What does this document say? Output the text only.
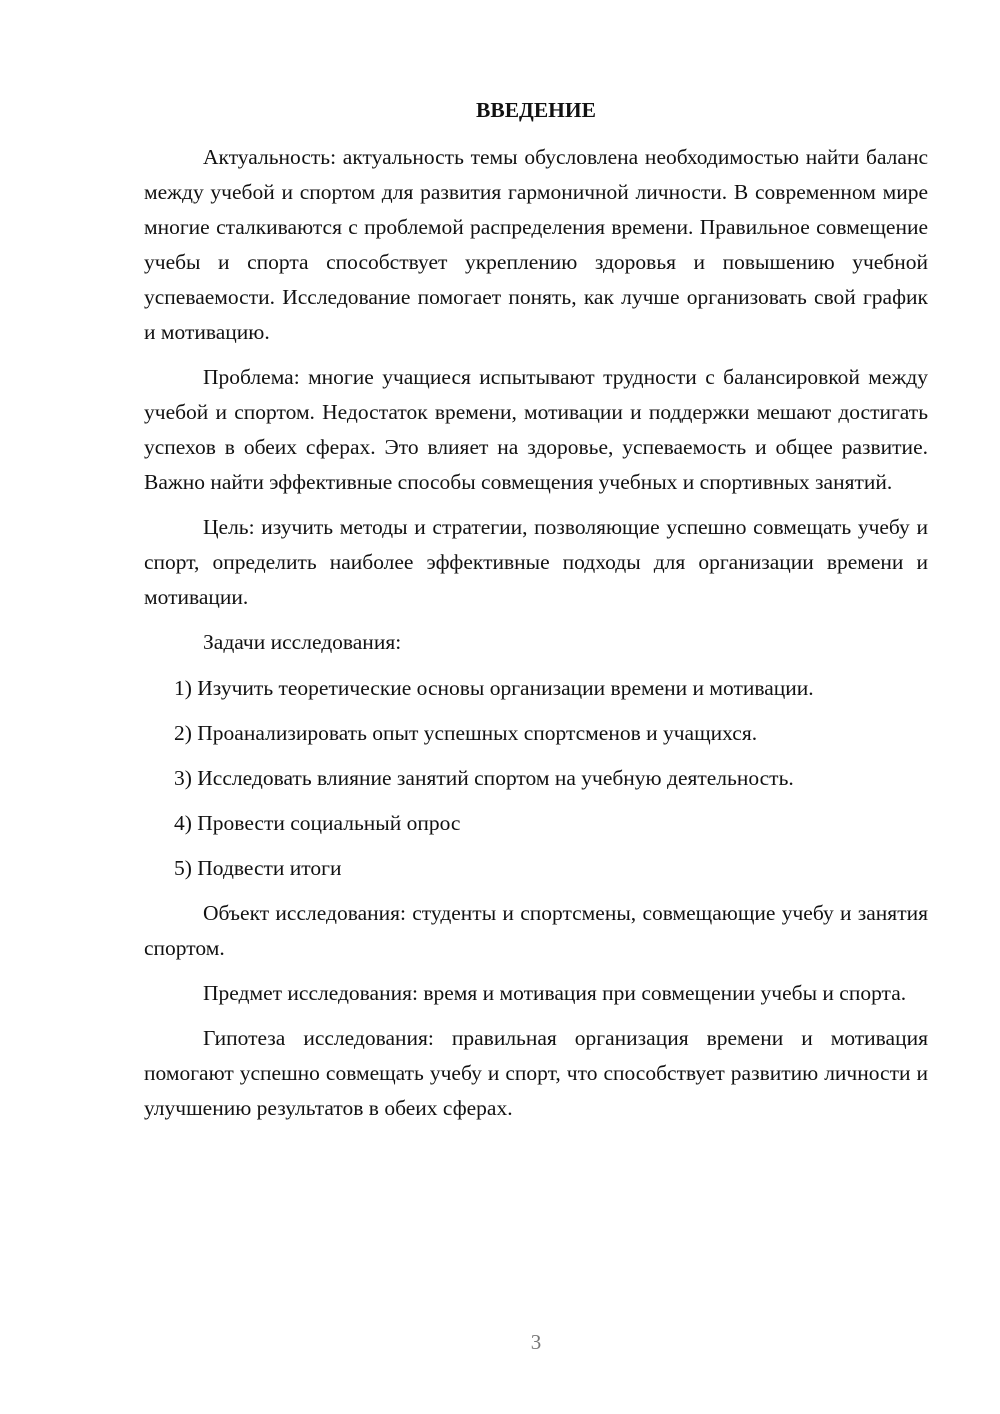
ВВЕДЕНИЕ

Актуальность: актуальность темы обусловлена необходимостью найти баланс между учебой и спортом для развития гармоничной личности. В современном мире многие сталкиваются с проблемой распределения времени. Правильное совмещение учебы и спорта способствует укреплению здоровья и повышению учебной успеваемости. Исследование помогает понять, как лучше организовать свой график и мотивацию.

Проблема: многие учащиеся испытывают трудности с балансировкой между учебой и спортом. Недостаток времени, мотивации и поддержки мешают достигать успехов в обеих сферах. Это влияет на здоровье, успеваемость и общее развитие. Важно найти эффективные способы совмещения учебных и спортивных занятий.

Цель: изучить методы и стратегии, позволяющие успешно совмещать учебу и спорт, определить наиболее эффективные подходы для организации времени и мотивации.

Задачи исследования:

1) Изучить теоретические основы организации времени и мотивации.

2) Проанализировать опыт успешных спортсменов и учащихся.

3) Исследовать влияние занятий спортом на учебную деятельность.

4) Провести социальный опрос

5) Подвести итоги

Объект исследования: студенты и спортсмены, совмещающие учебу и занятия спортом.

Предмет исследования: время и мотивация при совмещении учебы и спорта.

Гипотеза исследования: правильная организация времени и мотивация помогают успешно совмещать учебу и спорт, что способствует развитию личности и улучшению результатов в обеих сферах.

3
